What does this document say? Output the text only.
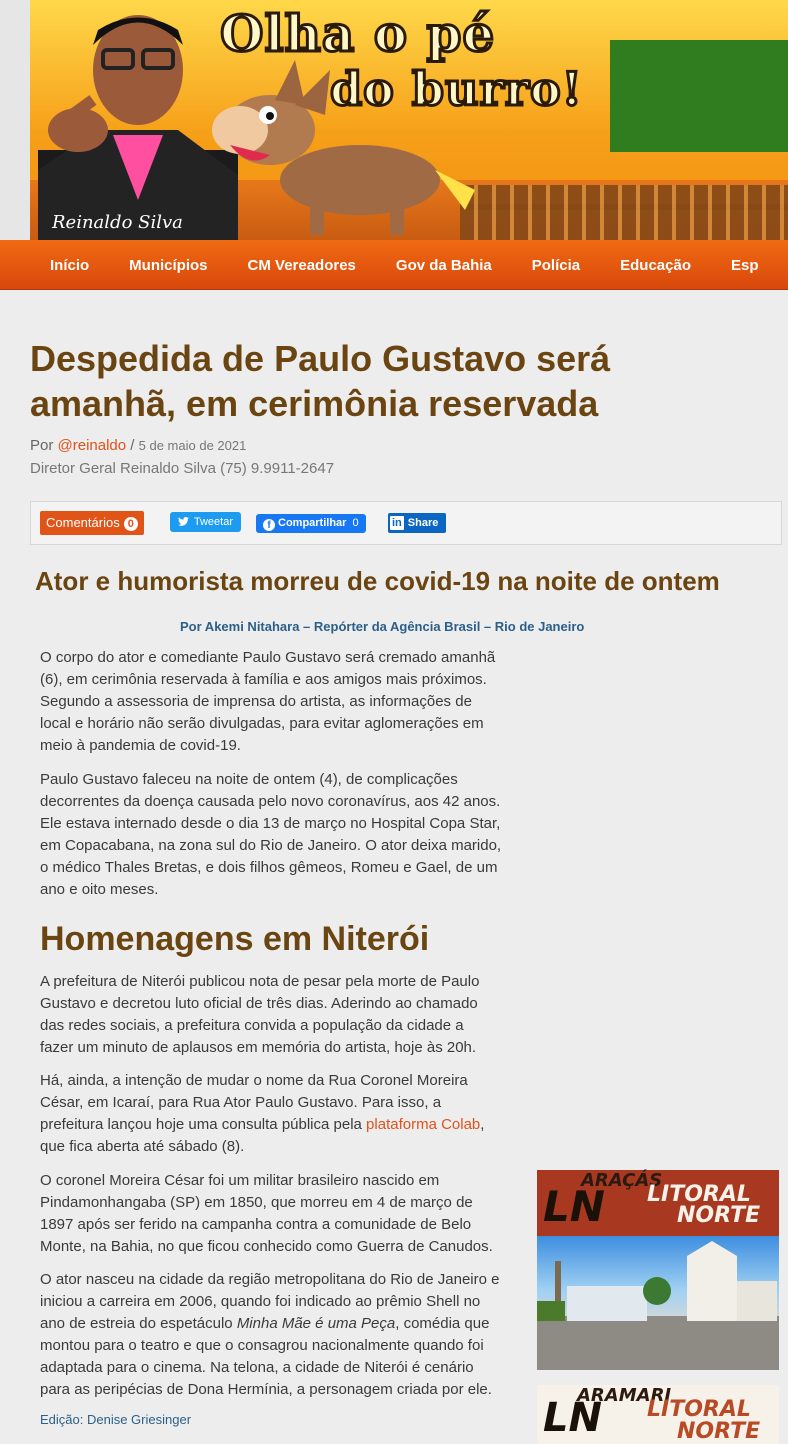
Olha o pé
do burro!
Reinaldo Silva
Início	Municípios	CM Vereadores	Gov da Bahia	Polícia	Educação	Esp
Despedida de Paulo Gustavo será amanhã, em cerimônia reservada
Por @reinaldo / 5 de maio de 2021
Diretor Geral Reinaldo Silva (75) 9.9911-2647
Comentários 0	Tweetar	f Compartilhar 0	in Share
Ator e humorista morreu de covid-19 na noite de ontem
Por Akemi Nitahara – Repórter da Agência Brasil – Rio de Janeiro
O corpo do ator e comediante Paulo Gustavo será cremado amanhã
(6), em cerimônia reservada à família e aos amigos mais próximos.
Segundo a assessoria de imprensa do artista, as informações de
local e horário não serão divulgadas, para evitar aglomerações em
meio à pandemia de covid-19.
Paulo Gustavo faleceu na noite de ontem (4), de complicações
decorrentes da doença causada pelo novo coronavírus, aos 42 anos.
Ele estava internado desde o dia 13 de março no Hospital Copa Star,
em Copacabana, na zona sul do Rio de Janeiro. O ator deixa marido,
o médico Thales Bretas, e dois filhos gêmeos, Romeu e Gael, de um
ano e oito meses.
Homenagens em Niterói
A prefeitura de Niterói publicou nota de pesar pela morte de Paulo
Gustavo e decretou luto oficial de três dias. Aderindo ao chamado
das redes sociais, a prefeitura convida a população da cidade a
fazer um minuto de aplausos em memória do artista, hoje às 20h.
Há, ainda, a intenção de mudar o nome da Rua Coronel Moreira
César, em Icaraí, para Rua Ator Paulo Gustavo. Para isso, a
prefeitura lançou hoje uma consulta pública pela plataforma Colab,
que fica aberta até sábado (8).
O coronel Moreira César foi um militar brasileiro nascido em
Pindamonhangaba (SP) em 1850, que morreu em 4 de março de
1897 após ser ferido na campanha contra a comunidade de Belo
Monte, na Bahia, no que ficou conhecido como Guerra de Canudos.
O ator nasceu na cidade da região metropolitana do Rio de Janeiro e
iniciou a carreira em 2006, quando foi indicado ao prêmio Shell no
ano de estreia do espetáculo Minha Mãe é uma Peça, comédia que
montou para o teatro e que o consagrou nacionalmente quando foi
adaptada para o cinema. Na telona, a cidade de Niterói é cenário
para as peripécias de Dona Hermínia, a personagem criada por ele.
Edição: Denise Griesinger
ARAÇÁS
LN LITORAL
NORTE
ARAMARI
LN LITORAL
NORTE
